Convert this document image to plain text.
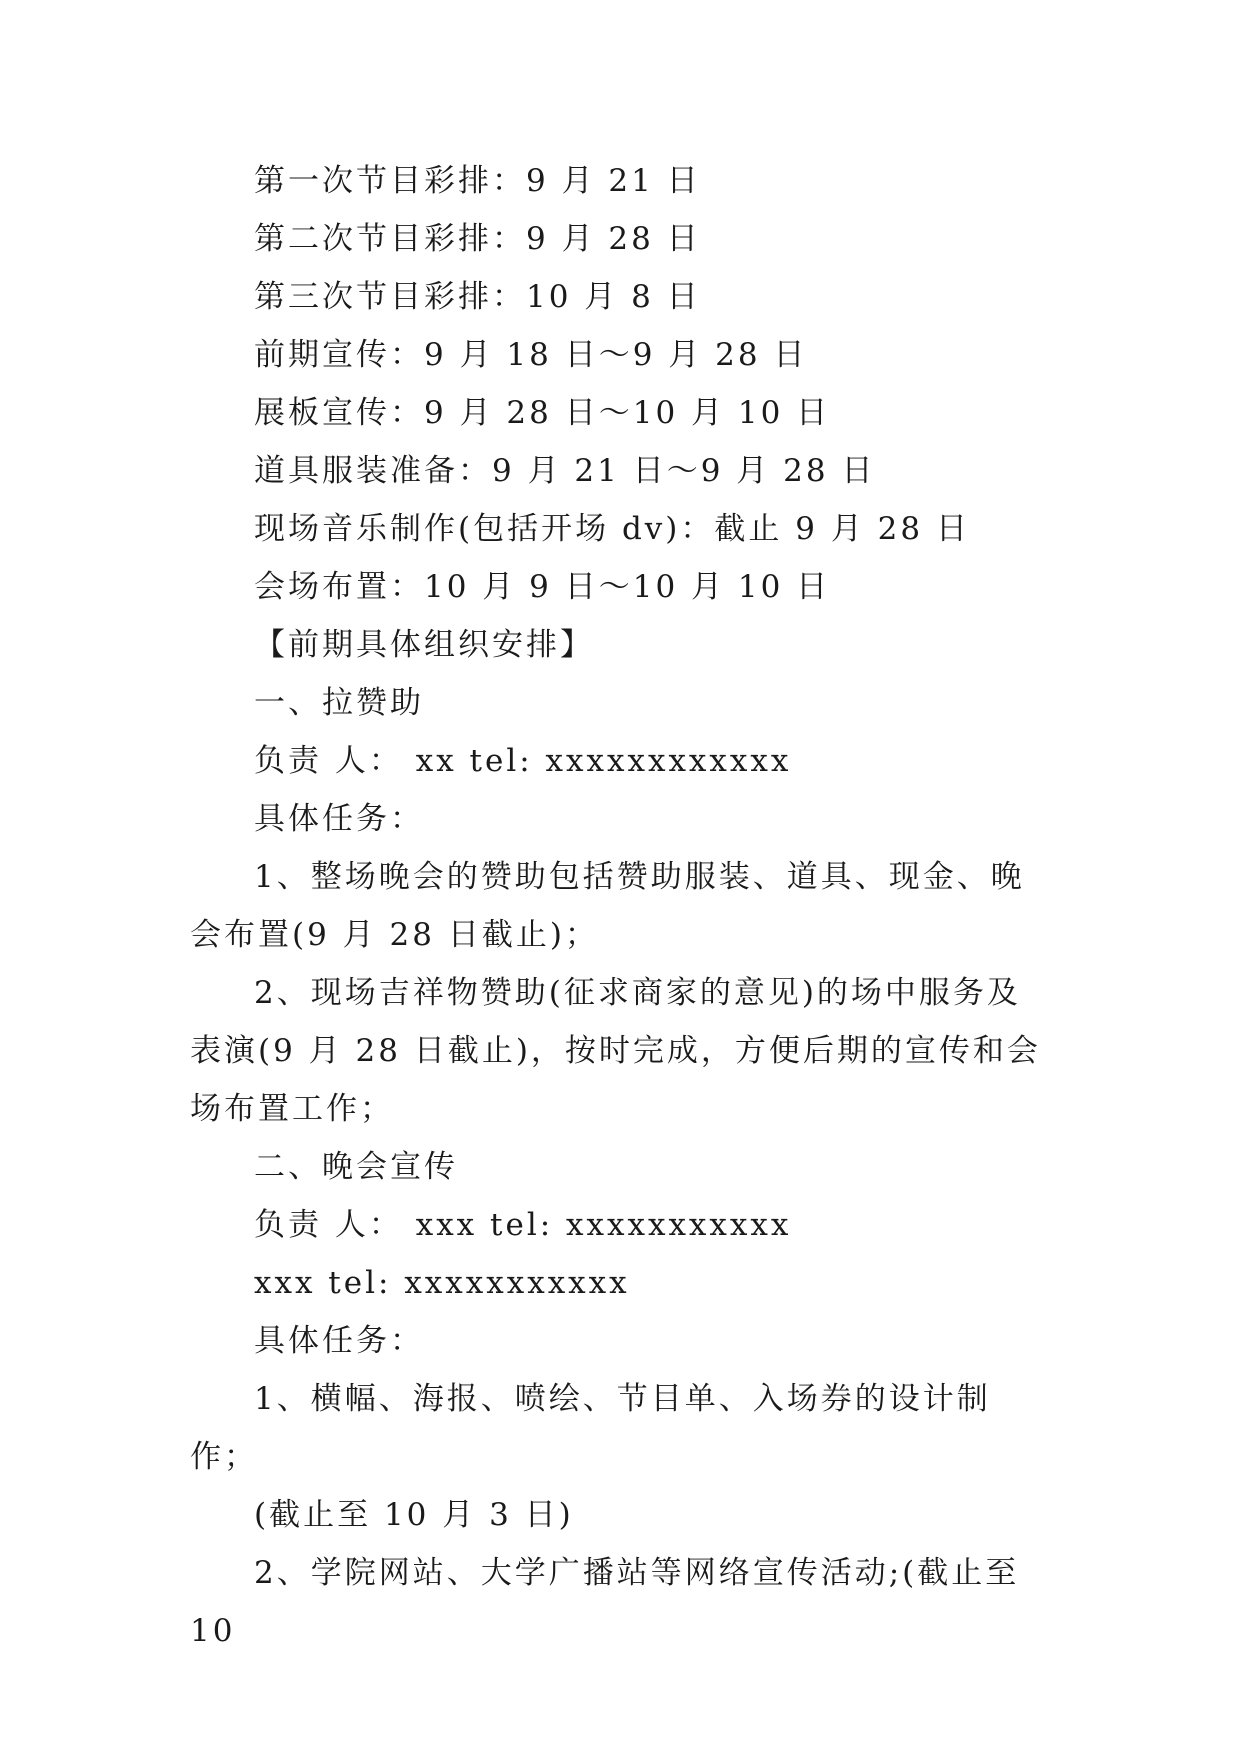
第一次节目彩排：9 月 21 日

第二次节目彩排：9 月 28 日

第三次节目彩排：10 月 8 日

前期宣传：9 月 18 日～9 月 28 日

展板宣传：9 月 28 日～10 月 10 日

道具服装准备：9 月 21 日～9 月 28 日

现场音乐制作(包括开场 dv)：截止 9 月 28 日

会场布置：10 月 9 日～10 月 10 日

【前期具体组织安排】

一、拉赞助

负责 人： xx tel: xxxxxxxxxxxx

具体任务：

1、整场晚会的赞助包括赞助服装、道具、现金、晚会布置(9 月 28 日截止)；

2、现场吉祥物赞助(征求商家的意见)的场中服务及表演(9 月 28 日截止)，按时完成，方便后期的宣传和会场布置工作；

二、晚会宣传

负责 人： xxx tel: xxxxxxxxxxx

xxx tel: xxxxxxxxxxx

具体任务：

1、横幅、海报、喷绘、节目单、入场券的设计制作；

(截止至 10 月 3 日)

2、学院网站、大学广播站等网络宣传活动;(截止至 10
